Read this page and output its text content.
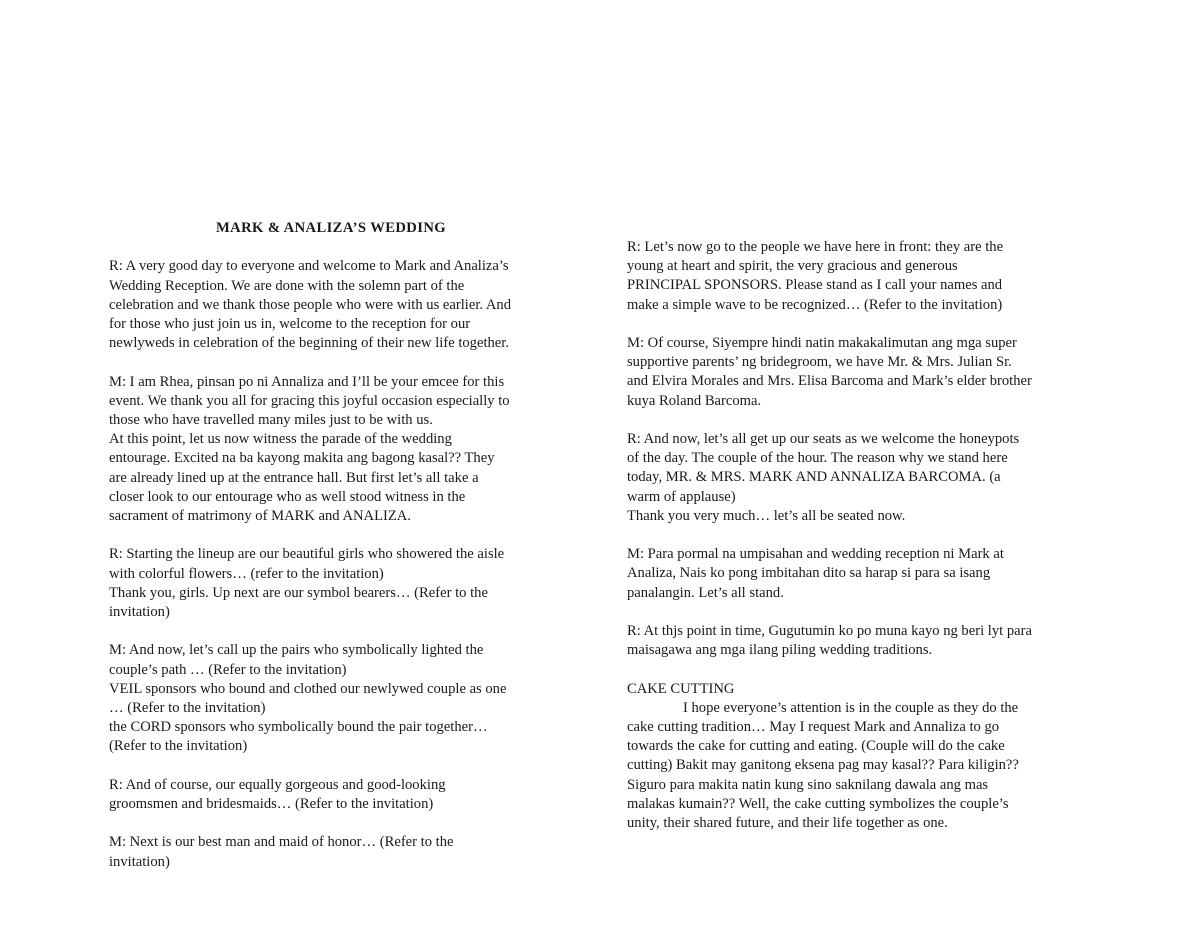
MARK & ANALIZA’S WEDDING
R: A very good day to everyone and welcome to Mark and Analiza’s
Wedding Reception. We are done with the solemn part of the
celebration and we thank those people who were with us earlier. And
for those who just join us in, welcome to the reception for our
newlyweds in celebration of the beginning of their new life together.
M: I am Rhea, pinsan po ni Annaliza and I’ll be your emcee for this
event. We thank you all for gracing this joyful occasion especially to
those who have travelled many miles just to be with us.
At this point, let us now witness the parade of the wedding
entourage. Excited na ba kayong makita ang bagong kasal?? They
are already lined up at the entrance hall. But first let’s all take a
closer look to our entourage who as well stood witness in the
sacrament of matrimony of MARK and ANALIZA.
R: Starting the lineup are our beautiful girls who showered the aisle
with colorful flowers… (refer to the invitation)
Thank you, girls. Up next are our symbol bearers… (Refer to the
invitation)
M: And now, let’s call up the pairs who symbolically lighted the
couple’s path … (Refer to the invitation)
VEIL sponsors who bound and clothed our newlywed couple as one
… (Refer to the invitation)
the CORD sponsors who symbolically bound the pair together…
(Refer to the invitation)
R: And of course, our equally gorgeous and good-looking
groomsmen and bridesmaids… (Refer to the invitation)
M: Next is our best man and maid of honor… (Refer to the
invitation)
R: Let’s now go to the people we have here in front: they are the
young at heart and spirit, the very gracious and generous
PRINCIPAL SPONSORS. Please stand as I call your names and
make a simple wave to be recognized… (Refer to the invitation)
M: Of course, Siyempre hindi natin makakalimutan ang mga super
supportive parents’ ng bridegroom, we have Mr. & Mrs. Julian Sr.
and Elvira Morales and Mrs. Elisa Barcoma and Mark’s elder brother
kuya Roland Barcoma.
R: And now, let’s all get up our seats as we welcome the honeypots
of the day. The couple of the hour. The reason why we stand here
today, MR. & MRS. MARK AND ANNALIZA BARCOMA. (a
warm of applause)
Thank you very much… let’s all be seated now.
M: Para pormal na umpisahan and wedding reception ni Mark at
Analiza, Nais ko pong imbitahan dito sa harap si para sa isang
panalangin. Let’s all stand.
R: At thjs point in time, Gugutumin ko po muna kayo ng beri lyt para
maisagawa ang mga ilang piling wedding traditions.
CAKE CUTTING
I hope everyone’s attention is in the couple as they do the
cake cutting tradition… May I request Mark and Annaliza to go
towards the cake for cutting and eating. (Couple will do the cake
cutting) Bakit may ganitong eksena pag may kasal?? Para kiligin??
Siguro para makita natin kung sino saknilang dawala ang mas
malakas kumain?? Well, the cake cutting symbolizes the couple’s
unity, their shared future, and their life together as one.
